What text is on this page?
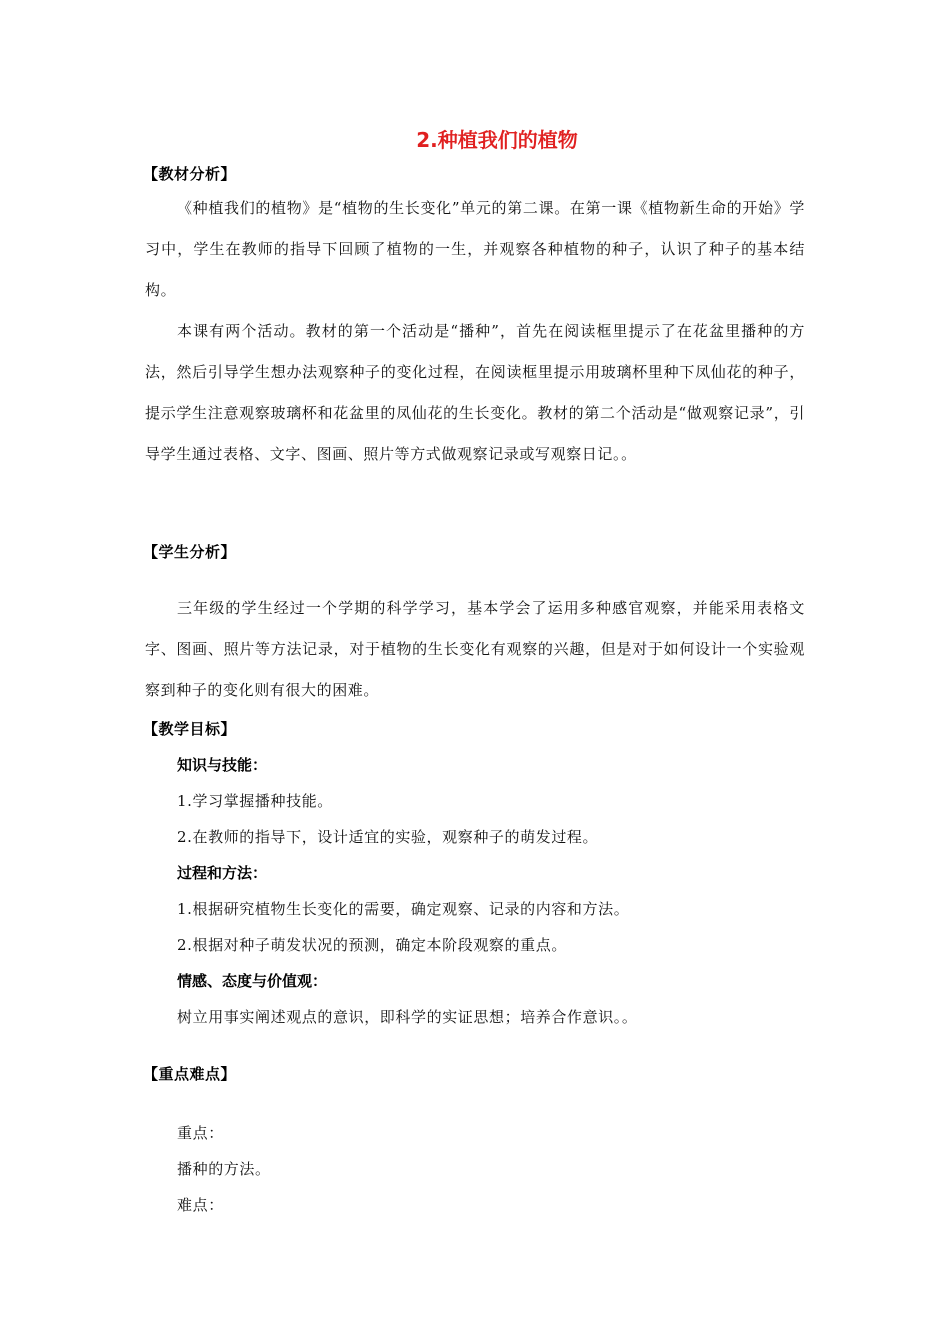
2.种植我们的植物
【教材分析】
《种植我们的植物》是“植物的生长变化”单元的第二课。在第一课《植物新生命的开始》学习中，学生在教师的指导下回顾了植物的一生，并观察各种植物的种子，认识了种子的基本结构。
本课有两个活动。教材的第一个活动是“播种”，首先在阅读框里提示了在花盆里播种的方法，然后引导学生想办法观察种子的变化过程，在阅读框里提示用玻璃杯里种下凤仙花的种子，提示学生注意观察玻璃杯和花盆里的凤仙花的生长变化。教材的第二个活动是“做观察记录”，引导学生通过表格、文字、图画、照片等方式做观察记录或写观察日记。。
【学生分析】
三年级的学生经过一个学期的科学学习，基本学会了运用多种感官观察，并能采用表格文字、图画、照片等方法记录，对于植物的生长变化有观察的兴趣，但是对于如何设计一个实验观察到种子的变化则有很大的困难。
【教学目标】
知识与技能：
1.学习掌握播种技能。
2.在教师的指导下，设计适宜的实验，观察种子的萌发过程。
过程和方法：
1.根据研究植物生长变化的需要，确定观察、记录的内容和方法。
2.根据对种子萌发状况的预测，确定本阶段观察的重点。
情感、态度与价值观：
树立用事实阐述观点的意识，即科学的实证思想；培养合作意识。。
【重点难点】
重点：
播种的方法。
难点：
